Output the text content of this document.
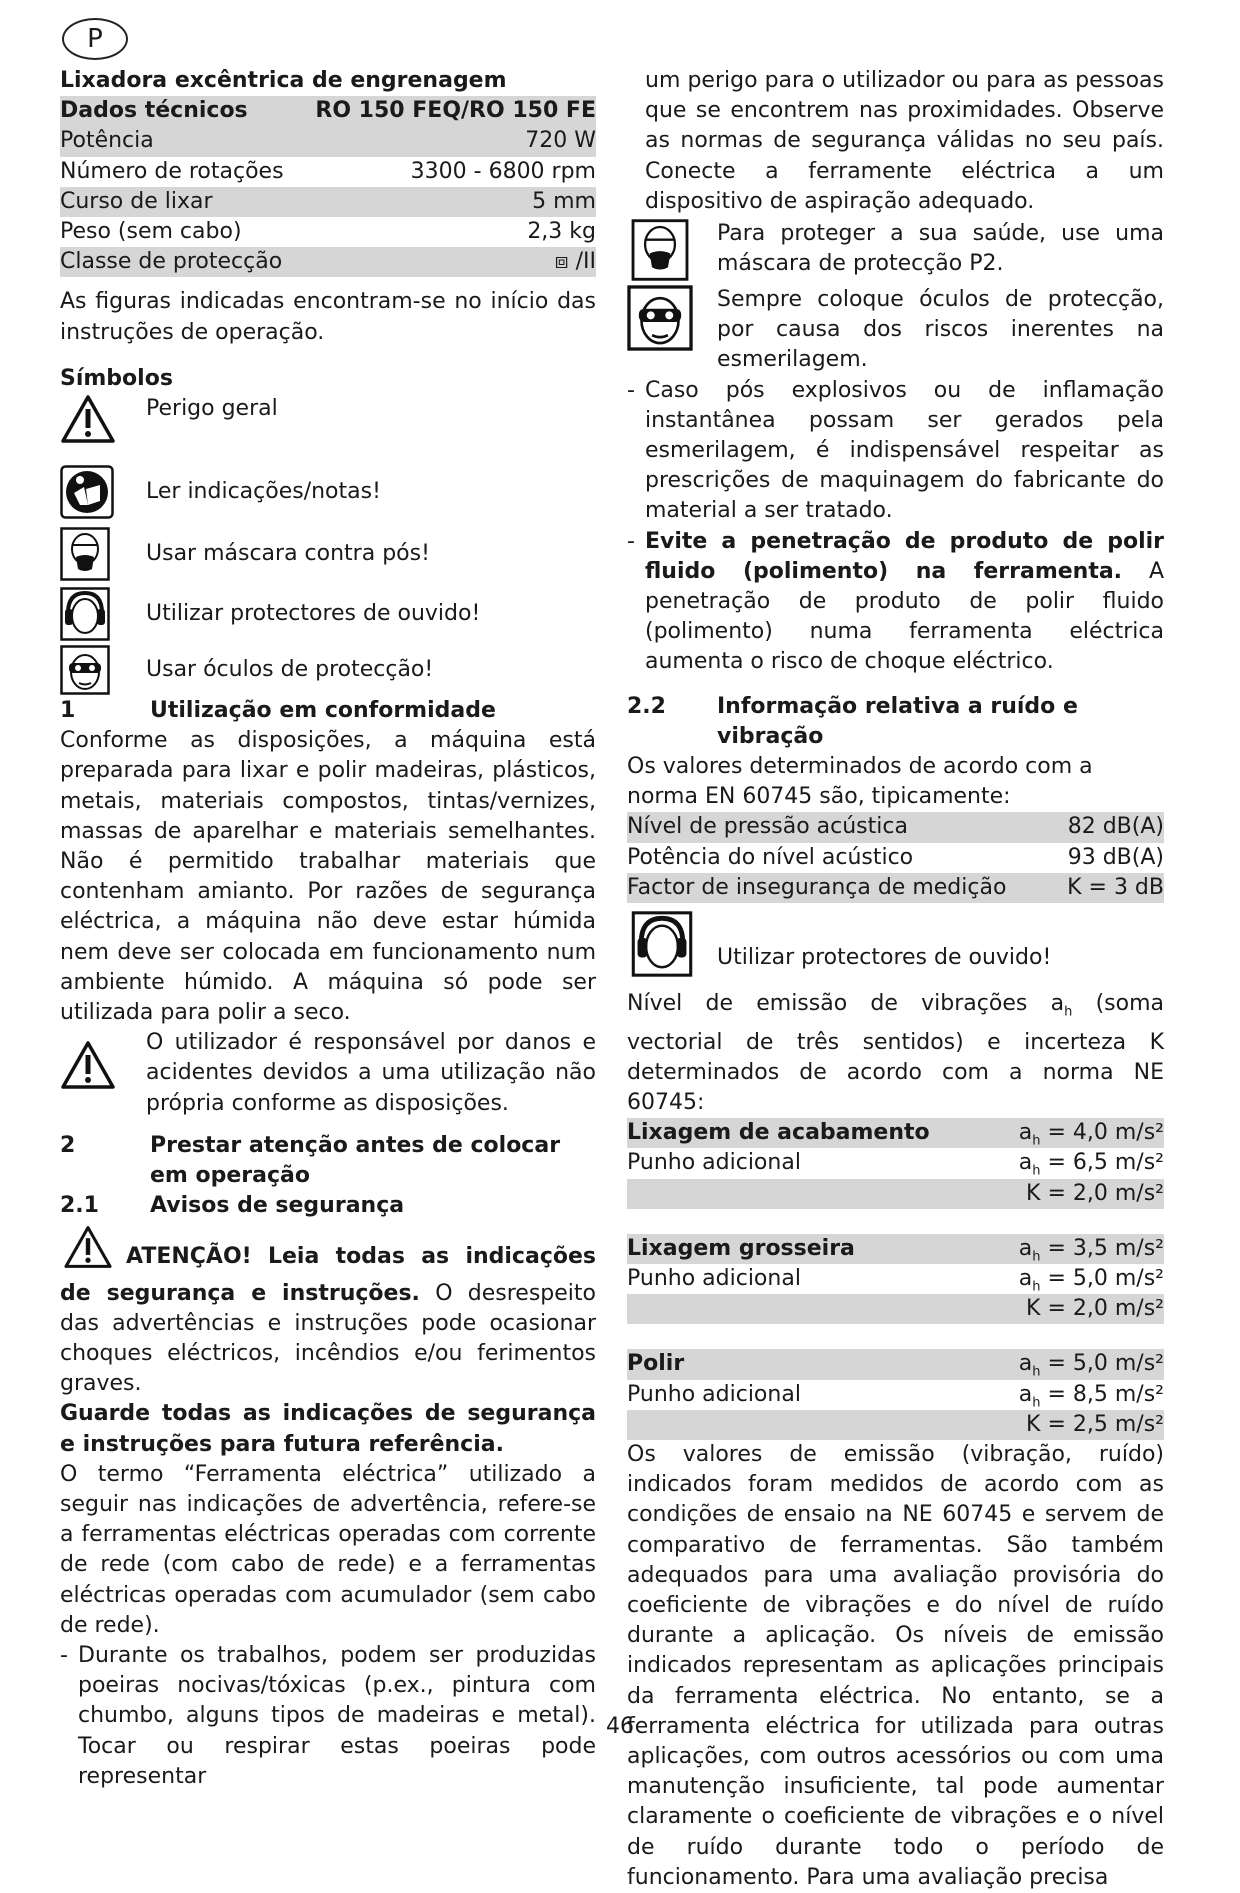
P
Lixadora excêntrica de engrenagem
Dados técnicos	RO 150 FEQ/RO 150 FE
Potência	720 W
Número de rotações	3300 - 6800 rpm
Curso de lixar	5 mm
Peso (sem cabo)	2,3 kg
Classe de protecção	⧈ /II
As figuras indicadas encontram-se no início das instruções de operação.
Símbolos
Perigo geral
Ler indicações/notas!
Usar máscara contra pós!
Utilizar protectores de ouvido!
Usar óculos de protecção!
1	Utilização em conformidade
Conforme as disposições, a máquina está preparada para lixar e polir madeiras, plásticos, metais, materiais compostos, tintas/vernizes, massas de aparelhar e materiais semelhantes. Não é permitido trabalhar materiais que contenham amianto. Por razões de segurança eléctrica, a máquina não deve estar húmida nem deve ser colocada em funcionamento num ambiente húmido. A máquina só pode ser utilizada para polir a seco.
O utilizador é responsável por danos e acidentes devidos a uma utilização não própria conforme as disposições.
2	Prestar atenção antes de colocar em operação
2.1	Avisos de segurança
ATENÇÃO! Leia todas as indicações de segurança e instruções. O desrespeito das advertências e instruções pode ocasionar choques eléctricos, incêndios e/ou ferimentos graves.
Guarde todas as indicações de segurança e instruções para futura referência.
O termo “Ferramenta eléctrica” utilizado a seguir nas indicações de advertência, refere-se a ferramentas eléctricas operadas com corrente de rede (com cabo de rede) e a ferramentas eléctricas operadas com acumulador (sem cabo de rede).
- Durante os trabalhos, podem ser produzidas poeiras nocivas/tóxicas (p.ex., pintura com chumbo, alguns tipos de madeiras e metal). Tocar ou respirar estas poeiras pode representar
um perigo para o utilizador ou para as pessoas que se encontrem nas proximidades. Observe as normas de segurança válidas no seu país. Conecte a ferramente eléctrica a um dispositivo de aspiração adequado.
Para proteger a sua saúde, use uma máscara de protecção P2.
Sempre coloque óculos de protecção, por causa dos riscos inerentes na esmerilagem.
- Caso pós explosivos ou de inflamação instantânea possam ser gerados pela esmerilagem, é indispensável respeitar as prescrições de maquinagem do fabricante do material a ser tratado.
- Evite a penetração de produto de polir fluido (polimento) na ferramenta. A penetração de produto de polir fluido (polimento) numa ferramenta eléctrica aumenta o risco de choque eléctrico.
2.2	Informação relativa a ruído e vibração
Os valores determinados de acordo com a norma EN 60745 são, tipicamente:
Nível de pressão acústica	82 dB(A)
Potência do nível acústico	93 dB(A)
Factor de insegurança de medição	K = 3 dB
Utilizar protectores de ouvido!
Nível de emissão de vibrações $a_h$ (soma vectorial de três sentidos) e incerteza K determinados de acordo com a norma NE 60745:
Lixagem de acabamento	$a_h = 4,0$ m/s²
Punho adicional	$a_h = 6,5$ m/s²
K = 2,0 m/s²
Lixagem grosseira	$a_h = 3,5$ m/s²
Punho adicional	$a_h = 5,0$ m/s²
K = 2,0 m/s²
Polir	$a_h = 5,0$ m/s²
Punho adicional	$a_h = 8,5$ m/s²
K = 2,5 m/s²
Os valores de emissão (vibração, ruído) indicados foram medidos de acordo com as condições de ensaio na NE 60745 e servem de comparativo de ferramentas. São também adequados para uma avaliação provisória do coeficiente de vibrações e do nível de ruído durante a aplicação. Os níveis de emissão indicados representam as aplicações principais da ferramenta eléctrica. No entanto, se a ferramenta eléctrica for utilizada para outras aplicações, com outros acessórios ou com uma manutenção insuficiente, tal pode aumentar claramente o coeficiente de vibrações e o nível de ruído durante todo o período de funcionamento. Para uma avaliação precisa
46
